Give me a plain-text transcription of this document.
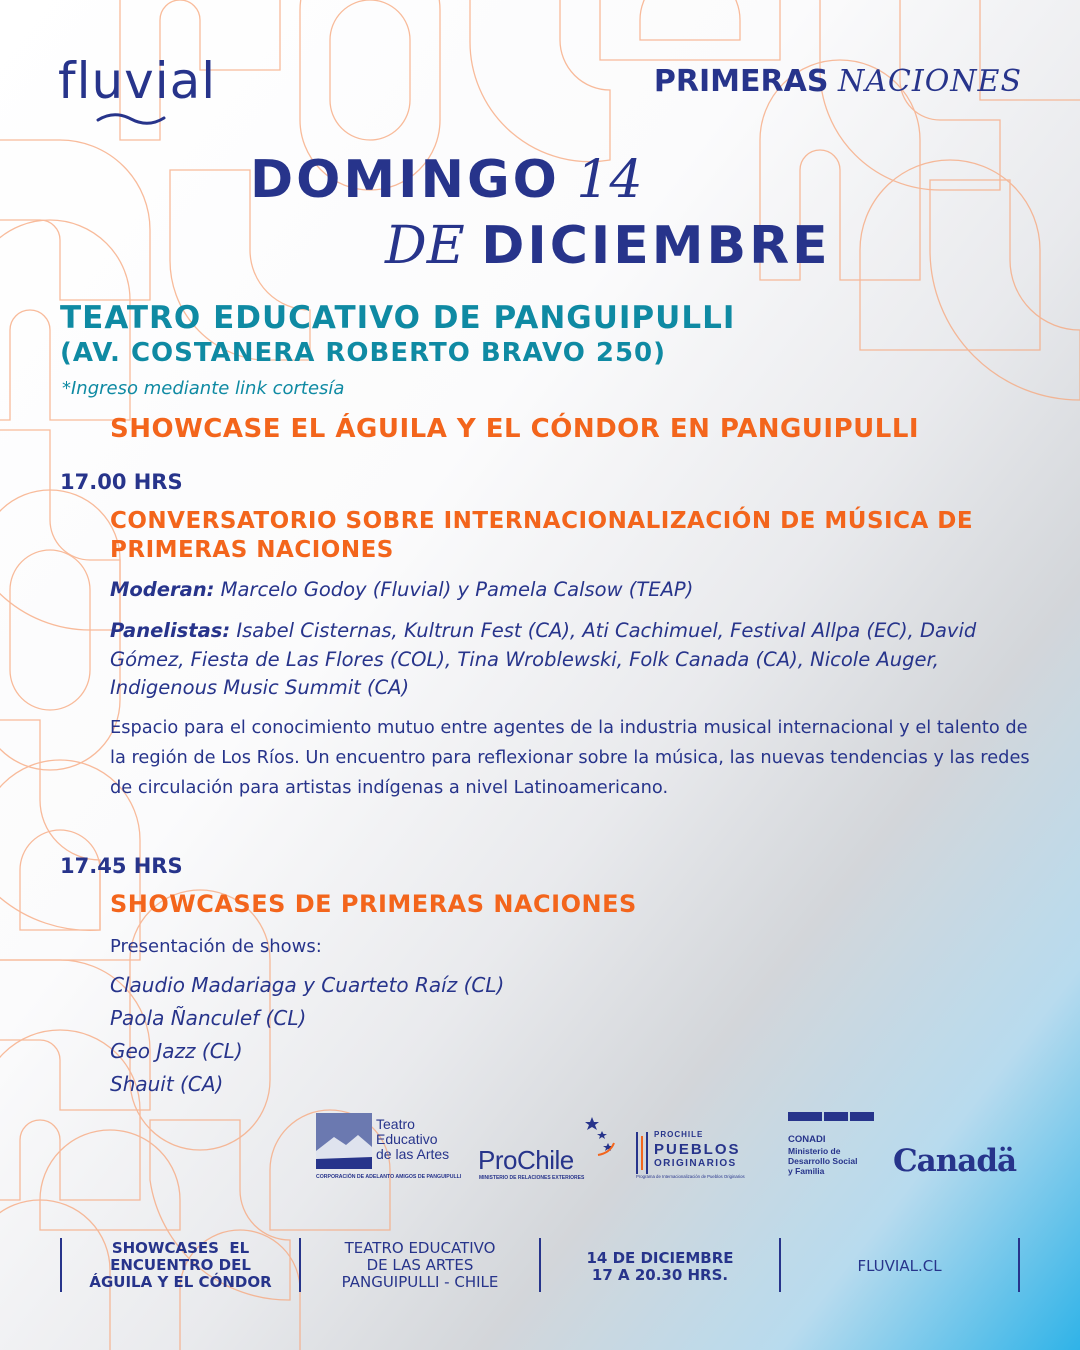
fluvial	PRIMERAS NACIONES
DOMINGO 14
DE DICIEMBRE
TEATRO EDUCATIVO DE PANGUIPULLI
(AV. COSTANERA ROBERTO BRAVO 250)
*Ingreso mediante link cortesía
SHOWCASE EL ÁGUILA Y EL CÓNDOR EN PANGUIPULLI
17.00 HRS
CONVERSATORIO SOBRE INTERNACIONALIZACIÓN DE MÚSICA DE PRIMERAS NACIONES
Moderan: Marcelo Godoy (Fluvial) y Pamela Calsow (TEAP)
Panelistas: Isabel Cisternas, Kultrun Fest (CA), Ati Cachimuel, Festival Allpa (EC), David Gómez, Fiesta de Las Flores (COL), Tina Wroblewski, Folk Canada (CA), Nicole Auger, Indigenous Music Summit (CA)
Espacio para el conocimiento mutuo entre agentes de la industria musical internacional y el talento de la región de Los Ríos. Un encuentro para reflexionar sobre la música, las nuevas tendencias y las redes de circulación para artistas indígenas a nivel Latinoamericano.
17.45 HRS
SHOWCASES DE PRIMERAS NACIONES
Presentación de shows:
Claudio Madariaga y Cuarteto Raíz (CL)
Paola Ñanculef (CL)
Geo Jazz (CL)
Shauit (CA)
Teatro
Educativo
de las Artes
CORPORACIÓN DE ADELANTO AMIGOS DE PANGUIPULLI
ProChile
MINISTERIO DE RELACIONES EXTERIORES
PROCHILE
PUEBLOS
ORIGINARIOS
Programa de Internacionalización de Pueblos Originarios
CONADI
Ministerio de
Desarrollo Social
y Familia	Canadä
SHOWCASES  EL
ENCUENTRO DEL
ÁGUILA Y EL CÓNDOR
TEATRO EDUCATIVO
DE LAS ARTES
PANGUIPULLI - CHILE
14 DE DICIEMBRE
17 A 20.30 HRS.	FLUVIAL.CL
